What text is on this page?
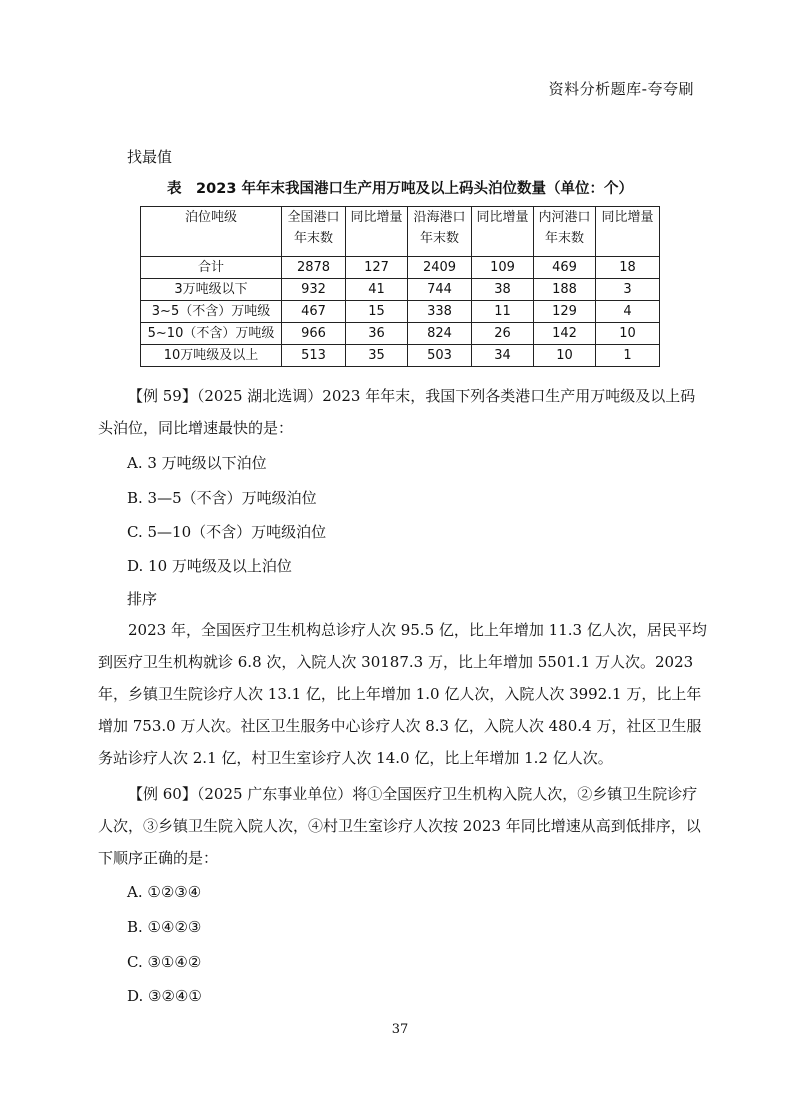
资料分析题库-夸夸刷
找最值
表　2023 年年末我国港口生产用万吨及以上码头泊位数量（单位：个）
泊位吨级	全国港口年末数	同比增量	沿海港口年末数	同比增量	内河港口年末数	同比增量
合计	2878	127	2409	109	469	18
3万吨级以下	932	41	744	38	188	3
3~5（不含）万吨级	467	15	338	11	129	4
5~10（不含）万吨级	966	36	824	26	142	10
10万吨级及以上	513	35	503	34	10	1
【例 59】（2025 湖北选调）2023 年年末，我国下列各类港口生产用万吨级及以上码头泊位，同比增速最快的是：
A. 3 万吨级以下泊位
B. 3—5（不含）万吨级泊位
C. 5—10（不含）万吨级泊位
D. 10 万吨级及以上泊位
排序
2023 年，全国医疗卫生机构总诊疗人次 95.5 亿，比上年增加 11.3 亿人次，居民平均到医疗卫生机构就诊 6.8 次，入院人次 30187.3 万，比上年增加 5501.1 万人次。2023 年，乡镇卫生院诊疗人次 13.1 亿，比上年增加 1.0 亿人次，入院人次 3992.1 万，比上年增加 753.0 万人次。社区卫生服务中心诊疗人次 8.3 亿，入院人次 480.4 万，社区卫生服务站诊疗人次 2.1 亿，村卫生室诊疗人次 14.0 亿，比上年增加 1.2 亿人次。
【例 60】（2025 广东事业单位）将①全国医疗卫生机构入院人次，②乡镇卫生院诊疗人次，③乡镇卫生院入院人次，④村卫生室诊疗人次按 2023 年同比增速从高到低排序，以下顺序正确的是：
A. ①②③④
B. ①④②③
C. ③①④②
D. ③②④①
37
